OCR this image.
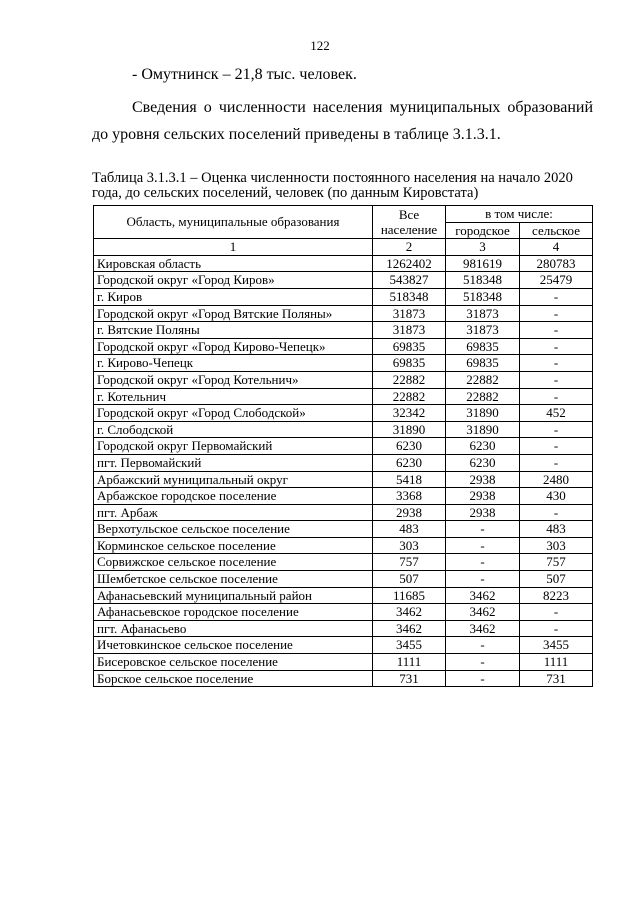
122
- Омутнинск – 21,8 тыс. человек.
Сведения о численности населения муниципальных образований до уровня сельских поселений приведены в таблице 3.1.3.1.
Таблица 3.1.3.1 – Оценка численности постоянного населения на начало 2020 года, до сельских поселений, человек (по данным Кировстата)
Область, муниципальные образования	Все население	в том числе:	
		городское	сельское
1	2	3	4
Кировская область	1262402	981619	280783
Городской округ «Город Киров»	543827	518348	25479
г. Киров	518348	518348	-
Городской округ «Город Вятские Поляны»	31873	31873	-
г. Вятские Поляны	31873	31873	-
Городской округ «Город Кирово-Чепецк»	69835	69835	-
г. Кирово-Чепецк	69835	69835	-
Городской округ «Город Котельнич»	22882	22882	-
г. Котельнич	22882	22882	-
Городской округ «Город Слободской»	32342	31890	452
г. Слободской	31890	31890	-
Городской округ Первомайский	6230	6230	-
пгт. Первомайский	6230	6230	-
Арбажский муниципальный округ	5418	2938	2480
Арбажское городское поселение	3368	2938	430
пгт. Арбаж	2938	2938	-
Верхотульское сельское поселение	483	-	483
Корминское сельское поселение	303	-	303
Сорвижское сельское поселение	757	-	757
Шембетское сельское поселение	507	-	507
Афанасьевский муниципальный район	11685	3462	8223
Афанасьевское городское поселение	3462	3462	-
пгт. Афанасьево	3462	3462	-
Ичетовкинское сельское поселение	3455	-	3455
Бисеровское сельское поселение	1111	-	1111
Борское сельское поселение	731	-	731
